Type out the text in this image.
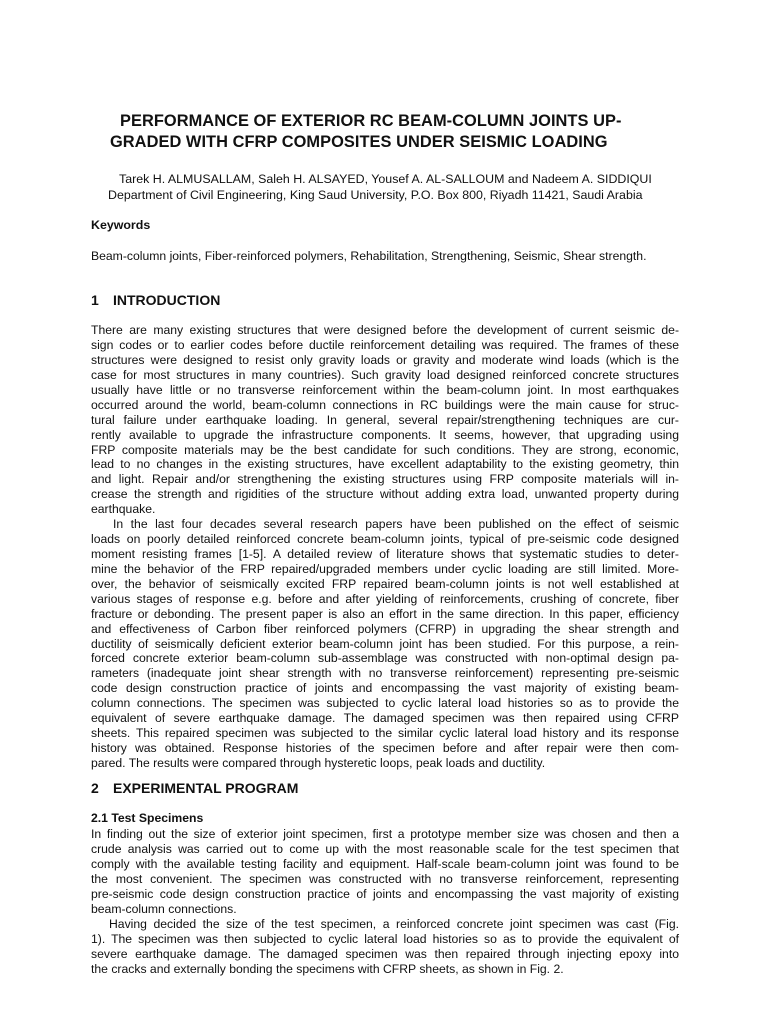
PERFORMANCE OF EXTERIOR RC BEAM-COLUMN JOINTS UP-
GRADED WITH CFRP COMPOSITES UNDER SEISMIC LOADING
Tarek H. ALMUSALLAM, Saleh H. ALSAYED, Yousef A. AL-SALLOUM and Nadeem A. SIDDIQUI
Department of Civil Engineering, King Saud University, P.O. Box 800, Riyadh 11421, Saudi Arabia
Keywords
Beam-column joints, Fiber-reinforced polymers, Rehabilitation, Strengthening, Seismic, Shear strength.
1 INTRODUCTION
There are many existing structures that were designed before the development of current seismic de-
sign codes or to earlier codes before ductile reinforcement detailing was required. The frames of these
structures were designed to resist only gravity loads or gravity and moderate wind loads (which is the
case for most structures in many countries). Such gravity load designed reinforced concrete structures
usually have little or no transverse reinforcement within the beam-column joint. In most earthquakes
occurred around the world, beam-column connections in RC buildings were the main cause for struc-
tural failure under earthquake loading. In general, several repair/strengthening techniques are cur-
rently available to upgrade the infrastructure components. It seems, however, that upgrading using
FRP composite materials may be the best candidate for such conditions. They are strong, economic,
lead to no changes in the existing structures, have excellent adaptability to the existing geometry, thin
and light. Repair and/or strengthening the existing structures using FRP composite materials will in-
crease the strength and rigidities of the structure without adding extra load, unwanted property during
earthquake.
In the last four decades several research papers have been published on the effect of seismic
loads on poorly detailed reinforced concrete beam-column joints, typical of pre-seismic code designed
moment resisting frames [1-5]. A detailed review of literature shows that systematic studies to deter-
mine the behavior of the FRP repaired/upgraded members under cyclic loading are still limited. More-
over, the behavior of seismically excited FRP repaired beam-column joints is not well established at
various stages of response e.g. before and after yielding of reinforcements, crushing of concrete, fiber
fracture or debonding. The present paper is also an effort in the same direction. In this paper, efficiency
and effectiveness of Carbon fiber reinforced polymers (CFRP) in upgrading the shear strength and
ductility of seismically deficient exterior beam-column joint has been studied. For this purpose, a rein-
forced concrete exterior beam-column sub-assemblage was constructed with non-optimal design pa-
rameters (inadequate joint shear strength with no transverse reinforcement) representing pre-seismic
code design construction practice of joints and encompassing the vast majority of existing beam-
column connections. The specimen was subjected to cyclic lateral load histories so as to provide the
equivalent of severe earthquake damage. The damaged specimen was then repaired using CFRP
sheets. This repaired specimen was subjected to the similar cyclic lateral load history and its response
history was obtained. Response histories of the specimen before and after repair were then com-
pared. The results were compared through hysteretic loops, peak loads and ductility.
2 EXPERIMENTAL PROGRAM
2.1 Test Specimens
In finding out the size of exterior joint specimen, first a prototype member size was chosen and then a
crude analysis was carried out to come up with the most reasonable scale for the test specimen that
comply with the available testing facility and equipment. Half-scale beam-column joint was found to be
the most convenient. The specimen was constructed with no transverse reinforcement, representing
pre-seismic code design construction practice of joints and encompassing the vast majority of existing
beam-column connections.
Having decided the size of the test specimen, a reinforced concrete joint specimen was cast (Fig.
1). The specimen was then subjected to cyclic lateral load histories so as to provide the equivalent of
severe earthquake damage. The damaged specimen was then repaired through injecting epoxy into
the cracks and externally bonding the specimens with CFRP sheets, as shown in Fig. 2.
